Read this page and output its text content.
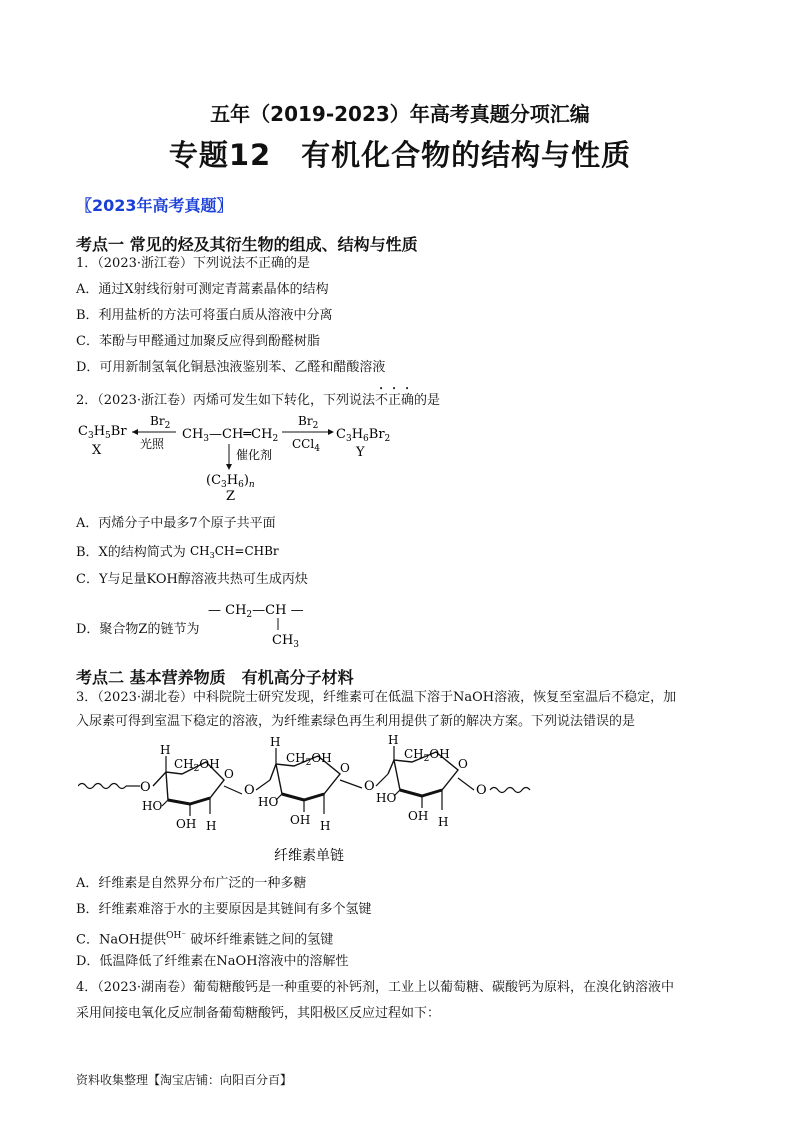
五年（2019-2023）年高考真题分项汇编
专题12　有机化合物的结构与性质
〖2023年高考真题〗
考点一 常见的烃及其衍生物的组成、结构与性质
1．（2023·浙江卷）下列说法不正确的是
A．通过X射线衍射可测定青蒿素晶体的结构
B．利用盐析的方法可将蛋白质从溶液中分离
C．苯酚与甲醛通过加聚反应得到酚醛树脂
D．可用新制氢氧化铜悬浊液鉴别苯、乙醛和醋酸溶液
2．（2023·浙江卷）丙烯可发生如下转化，下列说法不正确的是
$C_3H_5Br$
X
$Br_2$
光照
$CH_3—CH═CH_2$
$Br_2$
CCl$_4$
$C_3H_6Br_2$
Y
催化剂
$(C_3H_6)_n$
Z
A．丙烯分子中最多7个原子共平面
B．X的结构简式为 $CH_3CH=CHBr$
C．Y与足量KOH醇溶液共热可生成丙炔
D．聚合物Z的链节为
— $CH_2—CH$ —
$CH_3$
考点二 基本营养物质　有机高分子材料
3．（2023·湖北卷）中科院院士研究发现，纤维素可在低温下溶于NaOH溶液，恢复至室温后不稳定，加
入尿素可得到室温下稳定的溶液，为纤维素绿色再生利用提供了新的解决方案。下列说法错误的是
O
H
$CH_2OH$
O
HO
OH H
O
H
$CH_2OH$
O
HO
OH H
O
H
$CH_2OH$
O
HO
OH H
O
纤维素单链
A．纤维素是自然界分布广泛的一种多糖
B．纤维素难溶于水的主要原因是其链间有多个氢键
C．NaOH提供$^{OH^-}$ 破坏纤维素链之间的氢键
D．低温降低了纤维素在NaOH溶液中的溶解性
4．（2023·湖南卷）葡萄糖酸钙是一种重要的补钙剂，工业上以葡萄糖、碳酸钙为原料，在溴化钠溶液中
采用间接电氧化反应制备葡萄糖酸钙，其阳极区反应过程如下：
资料收集整理【淘宝店铺：向阳百分百】
